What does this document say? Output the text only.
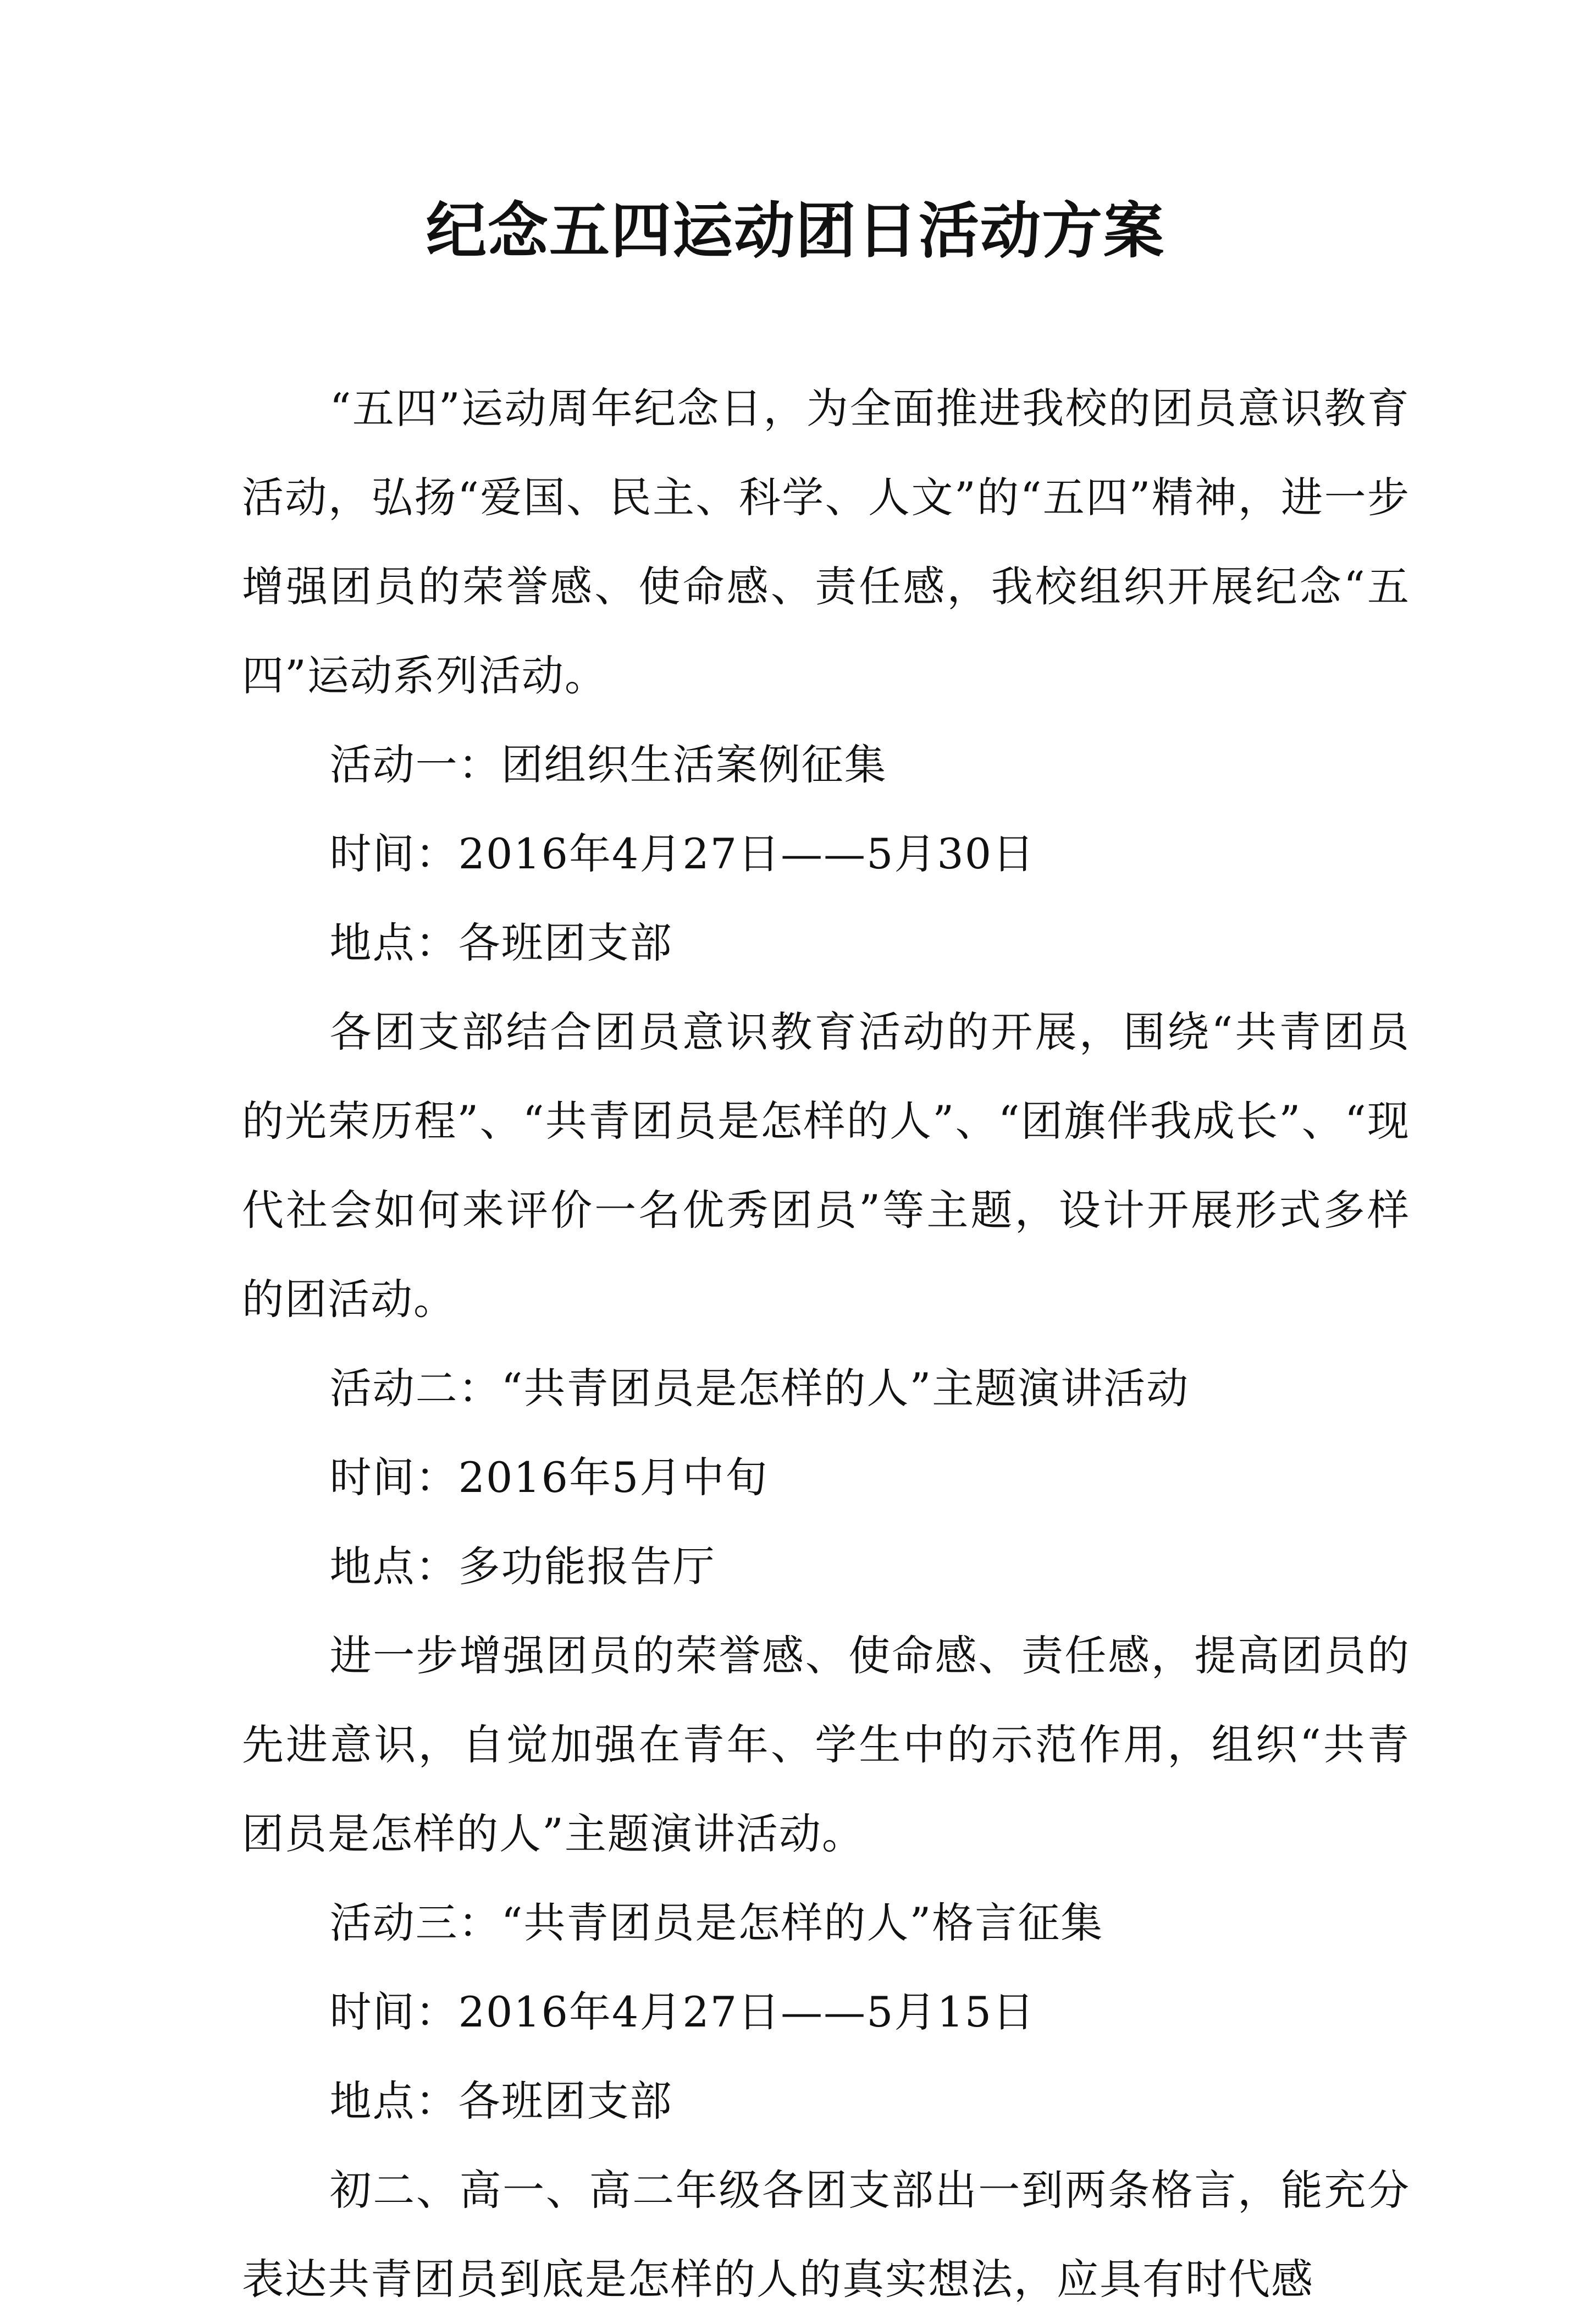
纪念五四运动团日活动方案

“五四”运动周年纪念日，为全面推进我校的团员意识教育活动，弘扬“爱国、民主、科学、人文”的“五四”精神，进一步增强团员的荣誉感、使命感、责任感，我校组织开展纪念“五四”运动系列活动。

活动一：团组织生活案例征集

时间：2016年4月27日——5月30日

地点：各班团支部

各团支部结合团员意识教育活动的开展，围绕“共青团员的光荣历程”、“共青团员是怎样的人”、“团旗伴我成长”、“现代社会如何来评价一名优秀团员”等主题，设计开展形式多样的团活动。

活动二：“共青团员是怎样的人”主题演讲活动

时间：2016年5月中旬

地点：多功能报告厅

进一步增强团员的荣誉感、使命感、责任感，提高团员的先进意识，自觉加强在青年、学生中的示范作用，组织“共青团员是怎样的人”主题演讲活动。

活动三：“共青团员是怎样的人”格言征集

时间：2016年4月27日——5月15日

地点：各班团支部

初二、高一、高二年级各团支部出一到两条格言，能充分表达共青团员到底是怎样的人的真实想法，应具有时代感
